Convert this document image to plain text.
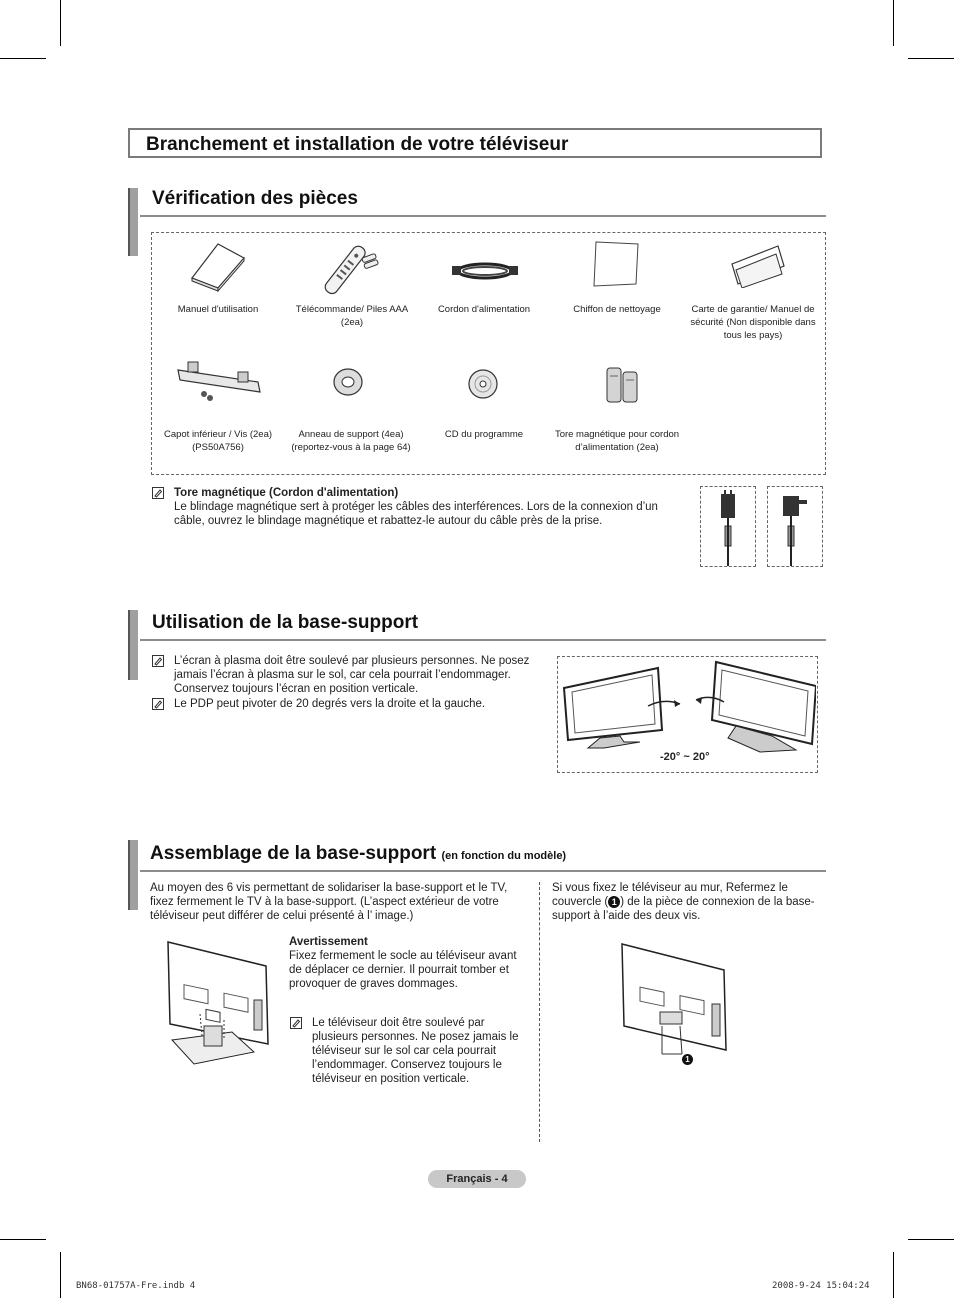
Branchement et installation de votre téléviseur
Vérification des pièces
Manuel d'utilisation	Télécommande/ Piles AAA (2ea)
Cordon d'alimentation	Chiffon de nettoyage	Carte de garantie/ Manuel de sécurité (Non disponible dans tous les pays)
Capot inférieur / Vis (2ea) (PS50A756)
Anneau de support (4ea) (reportez-vous à la page 64)
CD du programme	Tore magnétique pour cordon d’alimentation (2ea)
Tore magnétique (Cordon d'alimentation)
Le blindage magnétique sert à protéger les câbles des interférences. Lors de la connexion d’un câble, ouvrez le blindage magnétique et rabattez-le autour du câble près de la prise.
Utilisation de la base-support
L’écran à plasma doit être soulevé par plusieurs personnes. Ne posez jamais l’écran à plasma sur le sol, car cela pourrait l’endommager. Conservez toujours l’écran en position verticale.
Le PDP peut pivoter de 20 degrés vers la droite et la gauche.
-20° ~ 20°
Assemblage de la base-support (en fonction du modèle)
Au moyen des 6 vis permettant de solidariser la base-support et le TV, fixez fermement le TV à la base-support. (L’aspect extérieur de votre téléviseur peut différer de celui présenté à l’ image.)
Avertissement
Fixez fermement le socle au téléviseur avant de déplacer ce dernier. Il pourrait tomber et provoquer de graves dommages.
Le téléviseur doit être soulevé par plusieurs personnes. Ne posez jamais le téléviseur sur le sol car cela pourrait l’endommager. Conservez toujours le téléviseur en position verticale.
Si vous fixez le téléviseur au mur, Refermez le couvercle ( 1 ) de la pièce de connexion de la base-support à l’aide des deux vis.
1
Français - 4
BN68-01757A-Fre.indb 4	2008-9-24 15:04:24
